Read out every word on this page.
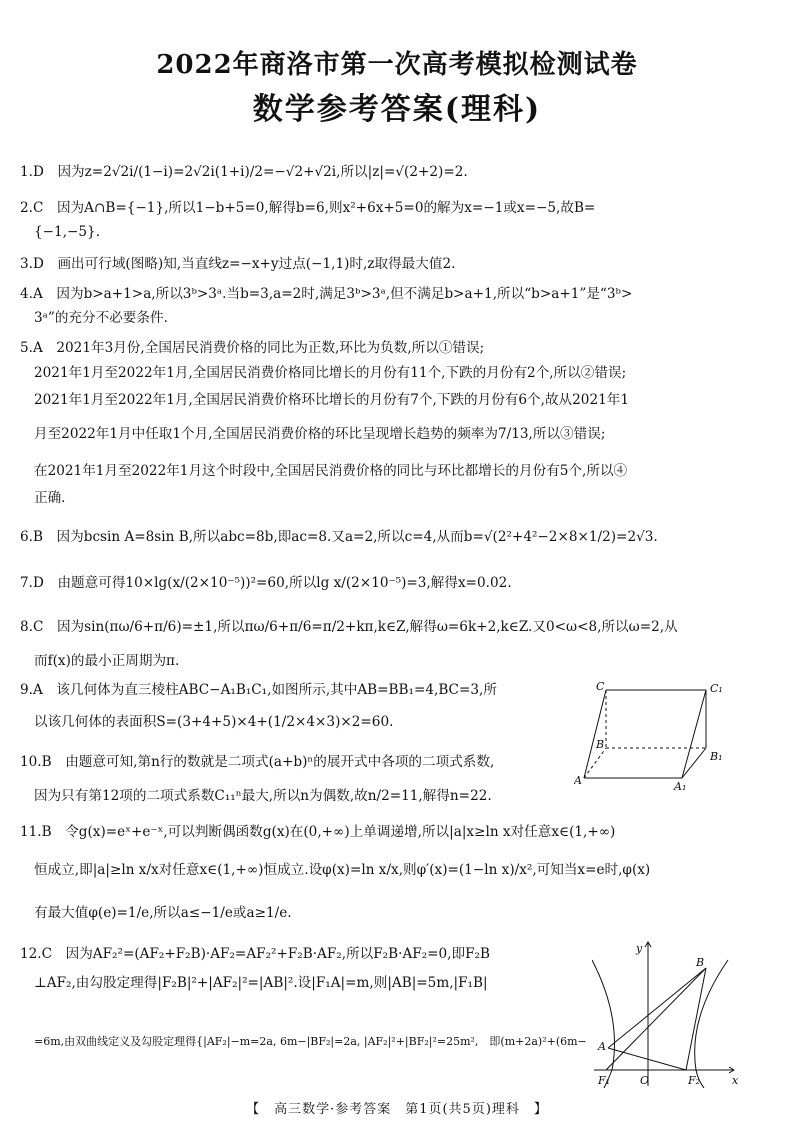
2022年商洛市第一次高考模拟检测试卷
数学参考答案(理科)
1.D　因为z=2√2i/(1−i)=2√2i(1+i)/2=−√2+√2i,所以|z|=√(2+2)=2.
2.C　因为A∩B={−1},所以1−b+5=0,解得b=6,则x²+6x+5=0的解为x=−1或x=−5,故B=
{−1,−5}.
3.D　画出可行域(图略)知,当直线z=−x+y过点(−1,1)时,z取得最大值2.
4.A　因为b>a+1>a,所以3ᵇ>3ᵃ.当b=3,a=2时,满足3ᵇ>3ᵃ,但不满足b>a+1,所以“b>a+1”是“3ᵇ>
3ᵃ”的充分不必要条件.
5.A　2021年3月份,全国居民消费价格的同比为正数,环比为负数,所以①错误;
2021年1月至2022年1月,全国居民消费价格同比增长的月份有11个,下跌的月份有2个,所以②错误;
2021年1月至2022年1月,全国居民消费价格环比增长的月份有7个,下跌的月份有6个,故从2021年1
月至2022年1月中任取1个月,全国居民消费价格的环比呈现增长趋势的频率为7/13,所以③错误;
在2021年1月至2022年1月这个时段中,全国居民消费价格的同比与环比都增长的月份有5个,所以④
正确.
6.B　因为bcsin A=8sin B,所以abc=8b,即ac=8.又a=2,所以c=4,从而b=√(2²+4²−2×8×1/2)=2√3.
7.D　由题意可得10×lg(x/(2×10⁻⁵))²=60,所以lg x/(2×10⁻⁵)=3,解得x=0.02.
8.C　因为sin(πω/6+π/6)=±1,所以πω/6+π/6=π/2+kπ,k∈Z,解得ω=6k+2,k∈Z.又0<ω<8,所以ω=2,从
而f(x)的最小正周期为π.
9.A　该几何体为直三棱柱ABC−A₁B₁C₁,如图所示,其中AB=BB₁=4,BC=3,所
以该几何体的表面积S=(3+4+5)×4+(1/2×4×3)×2=60.
10.B　由题意可知,第n行的数就是二项式(a+b)ⁿ的展开式中各项的二项式系数,
因为只有第12项的二项式系数C₁₁ⁿ最大,所以n为偶数,故n/2=11,解得n=22.
11.B　令g(x)=eˣ+e⁻ˣ,可以判断偶函数g(x)在(0,+∞)上单调递增,所以|a|x≥ln x对任意x∈(1,+∞)
恒成立,即|a|≥ln x/x对任意x∈(1,+∞)恒成立.设φ(x)=ln x/x,则φ′(x)=(1−ln x)/x²,可知当x=e时,φ(x)
有最大值φ(e)=1/e,所以a≤−1/e或a≥1/e.
12.C　因为AF₂²=(AF₂+F₂B)·AF₂=AF₂²+F₂B·AF₂,所以F₂B·AF₂=0,即F₂B
⊥AF₂,由勾股定理得|F₂B|²+|AF₂|²=|AB|².设|F₁A|=m,则|AB|=5m,|F₁B|
=6m,由双曲线定义及勾股定理得{|AF₂|−m=2a, 6m−|BF₂|=2a, |AF₂|²+|BF₂|²=25m²,　即(m+2a)²+(6m−
C	C₁
B
B₁
A	A₁
y
B
A
F₁	O	F₂	x
【　高三数学·参考答案　第1页(共5页)理科　】
